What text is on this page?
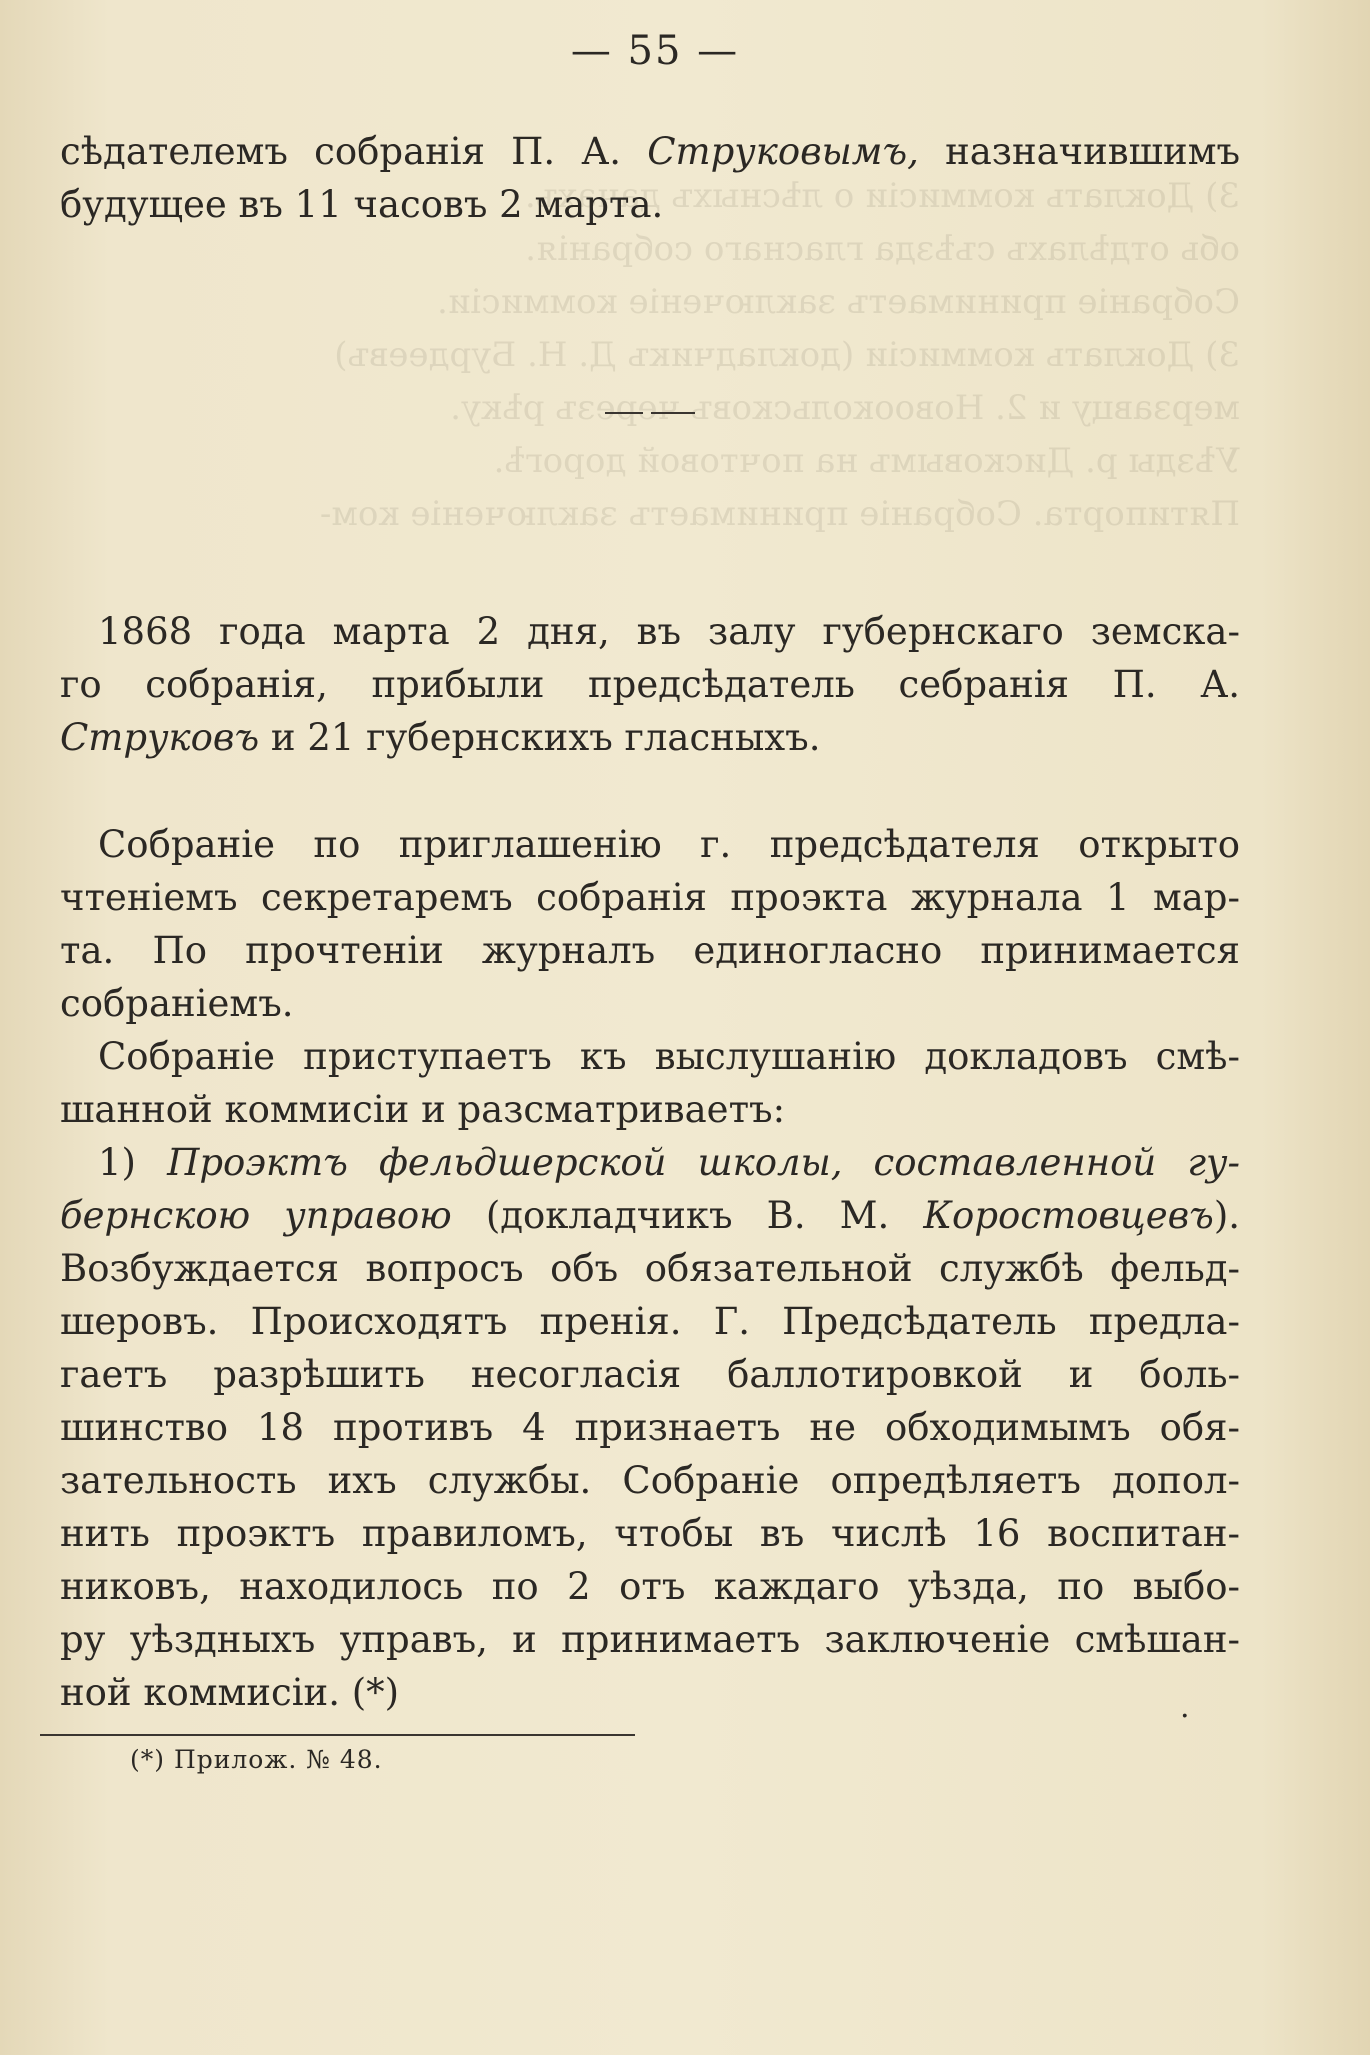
3) Доклать коммисіи о лѣсныхъ дачахъ.
обь отдѣлахъ съѣзда гласнаго собранія.
Собраніе принимаетъ заключеніе коммисіи.
3) Доклать коммисіи (докладчикъ Д. Н. Бурдеевъ)
мерзавцу и 2. Новоокольсковъ черезъ рѣку.
Уѣзды р. Дисковымъ на почтовой дорогѣ.
Пятипорта. Собраніе принимаетъ заключеніе ком-
— 55 —
сѣдателемъ собранія П. А. Струковымъ, назначившимъ
будущее въ 11 часовъ 2 марта.
1868 года марта 2 дня, въ залу губернскаго земска-
го собранія, прибыли предсѣдатель себранія П. А.
Струковъ и 21 губернскихъ гласныхъ.
Собраніе по приглашенію г. предсѣдателя открыто
чтеніемъ секретаремъ собранія проэкта журнала 1 мар-
та. По прочтеніи журналъ единогласно принимается
собраніемъ.
Собраніе приступаетъ къ выслушанію докладовъ смѣ-
шанной коммисіи и разсматриваетъ:
1) Проэктъ фельдшерской школы, составленной гу-
бернскою управою (докладчикъ В. М. Коростовцевъ).
Возбуждается вопросъ объ обязательной службѣ фельд-
шеровъ. Происходятъ пренія. Г. Предсѣдатель предла-
гаетъ разрѣшить несогласія баллотировкой и боль-
шинство 18 противъ 4 признаетъ не обходимымъ обя-
зательность ихъ службы. Собраніе опредѣляетъ допол-
нить проэктъ правиломъ, чтобы въ числѣ 16 воспитан-
никовъ, находилось по 2 отъ каждаго уѣзда, по выбо-
ру уѣздныхъ управъ, и принимаетъ заключеніе смѣшан-
ной коммисіи. (*)	.
(*) Прилож. № 48.
